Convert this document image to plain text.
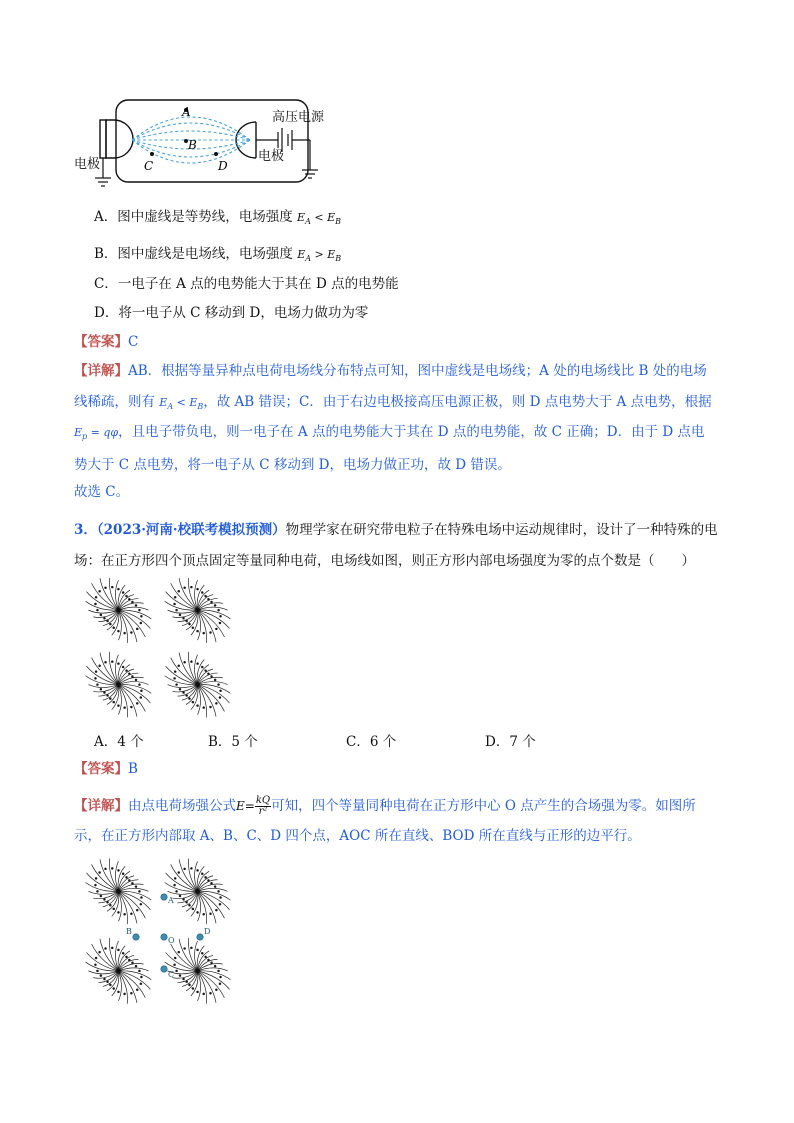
A
B
C	D
电极
电极
高压电源
A．图中虚线是等势线，电场强度 $E_A < E_B$
B．图中虚线是电场线，电场强度 $E_A > E_B$
C．一电子在 A 点的电势能大于其在 D 点的电势能
D．将一电子从 C 移动到 D，电场力做功为零
【答案】C
【详解】AB．根据等量异种点电荷电场线分布特点可知，图中虚线是电场线；A 处的电场线比 B 处的电场
线稀疏，则有 $E_A < E_B$，故 AB 错误；C．由于右边电极接高压电源正极，则 D 点电势大于 A 点电势，根据
$E_p = q\varphi$，且电子带负电，则一电子在 A 点的电势能大于其在 D 点的电势能，故 C 正确；D．由于 D 点电
势大于 C 点电势，将一电子从 C 移动到 D，电场力做正功，故 D 错误。
故选 C。
3．（2023·河南·校联考模拟预测）物理学家在研究带电粒子在特殊电场中运动规律时，设计了一种特殊的电
场：在正方形四个顶点固定等量同种电荷，电场线如图，则正方形内部电场强度为零的点个数是（　　）
A．4 个	B．5 个	C．6 个	D．7 个
【答案】B
【详解】由点电荷场强公式$E= \frac{kQ}{\text{r²}}$ 可知，四个等量同种电荷在正方形中心 O 点产生的合场强为零。如图所
示，在正方形内部取 A、B、C、D 四个点，AOC 所在直线、BOD 所在直线与正形的边平行。
A
B
O
D
C
